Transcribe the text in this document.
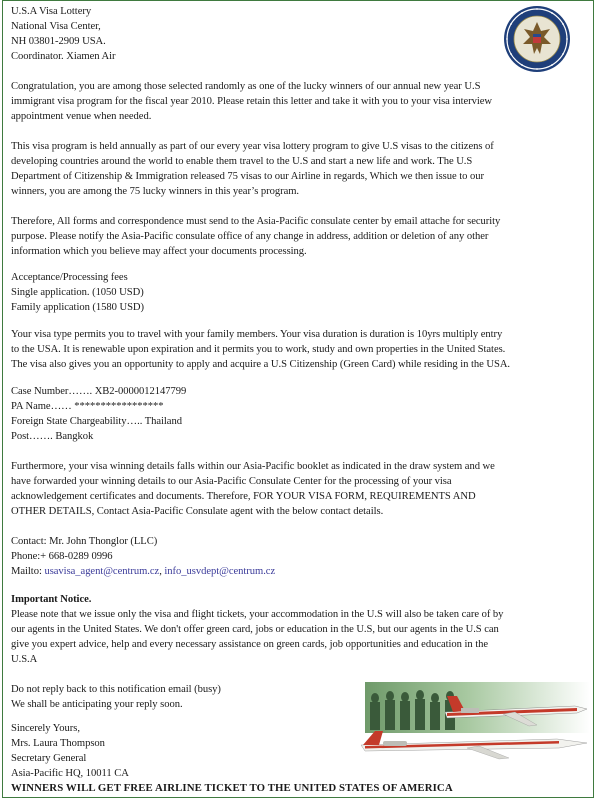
U.S.A Visa Lottery
National Visa Center,
NH 03801-2909 USA.
Coordinator. Xiamen Air
Congratulation, you are among those selected randomly as one of the lucky winners of our annual new year U.S
immigrant visa program for the fiscal year 2010. Please retain this letter and take it with you to your visa interview
appointment venue when needed.
This visa program is held annually as part of our every year visa lottery program to give U.S visas to the citizens of
developing countries around the world to enable them travel to the U.S and start a new life and work. The U.S
Department of Citizenship & Immigration released 75 visas to our Airline in regards, Which we then issue to our
winners, you are among the 75 lucky winners in this year’s program.
Therefore, All forms and correspondence must send to the Asia-Pacific consulate center by email attache for security
purpose. Please notify the Asia-Pacific consulate office of any change in address, addition or deletion of any other
information which you believe may affect your documents processing.
Acceptance/Processing fees
Single application. (1050 USD)
Family application (1580 USD)
Your visa type permits you to travel with your family members. Your visa duration is duration is 10yrs multiply entry
to the USA. It is renewable upon expiration and it permits you to work, study and own properties in the United States.
The visa also gives you an opportunity to apply and acquire a U.S Citizenship (Green Card) while residing in the USA.
Case Number……. XB2-0000012147799
PA Name…… *****************
Foreign State Chargeability….. Thailand
Post……. Bangkok
Furthermore, your visa winning details falls within our Asia-Pacific booklet as indicated in the draw system and we
have forwarded your winning details to our Asia-Pacific Consulate Center for the processing of your visa
acknowledgement certificates and documents. Therefore, FOR YOUR VISA FORM, REQUIREMENTS AND
OTHER DETAILS, Contact Asia-Pacific Consulate agent with the below contact details.
Contact: Mr. John Thonglor (LLC)
Phone:+ 668-0289 0996
Mailto: usavisa_agent@centrum.cz, info_usvdept@centrum.cz
Important Notice.
Please note that we issue only the visa and flight tickets, your accommodation in the U.S will also be taken care of by
our agents in the United States. We don't offer green card, jobs or education in the U.S, but our agents in the U.S can
give you expert advice, help and every necessary assistance on green cards, job opportunities and education in the
U.S.A
Do not reply back to this notification email (busy)
We shall be anticipating your reply soon.
Sincerely Yours,
Mrs. Laura Thompson
Secretary General
Asia-Pacific HQ, 10011 CA
WINNERS WILL GET FREE AIRLINE TICKET TO THE UNITED STATES OF AMERICA
